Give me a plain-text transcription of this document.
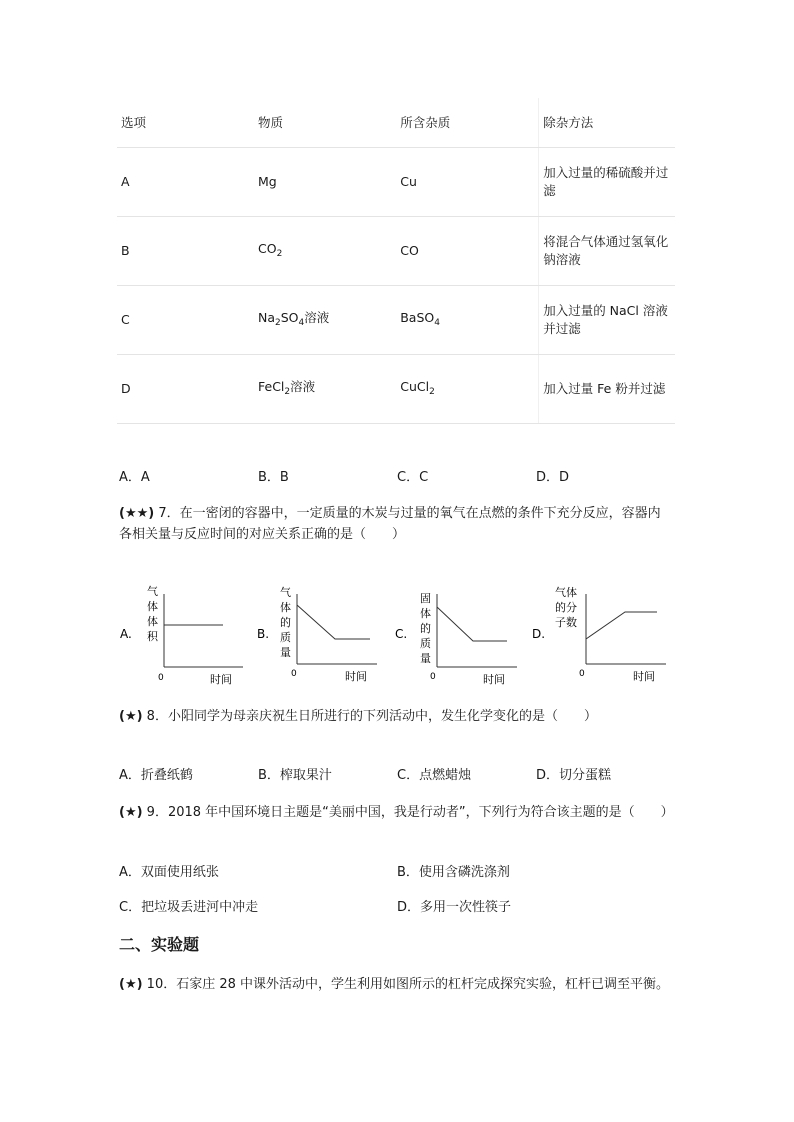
选项	物质	所含杂质	除杂方法
A	Mg	Cu	加入过量的稀硫酸并过滤
B	$CO_2$	CO	将混合气体通过氢氧化钠溶液
C	$Na_2SO_4$溶液	BaSO$_4$	加入过量的 NaCl 溶液并过滤
D	FeCl$_2$溶液	CuCl$_2$	加入过量 Fe 粉并过滤
A．A	B．B	C．C	D．D
(★★) 7．在一密闭的容器中，一定质量的木炭与过量的氧气在点燃的条件下充分反应，容器内
各相关量与反应时间的对应关系正确的是（　　）
A.
气
体
体
积
0	时间
B.
气
体
的
质
量
0	时间
C.
固
体
的
质
量
0	时间
D.
气体
的分
子数
0	时间
(★) 8．小阳同学为母亲庆祝生日所进行的下列活动中，发生化学变化的是（　　）
A．折叠纸鹤	B．榨取果汁	C．点燃蜡烛	D．切分蛋糕
(★) 9．2018 年中国环境日主题是“美丽中国，我是行动者”，下列行为符合该主题的是（　　）
A．双面使用纸张	B．使用含磷洗涤剂
C．把垃圾丢进河中冲走	D．多用一次性筷子
二、实验题
(★) 10．石家庄 28 中课外活动中，学生利用如图所示的杠杆完成探究实验，杠杆已调至平衡。
